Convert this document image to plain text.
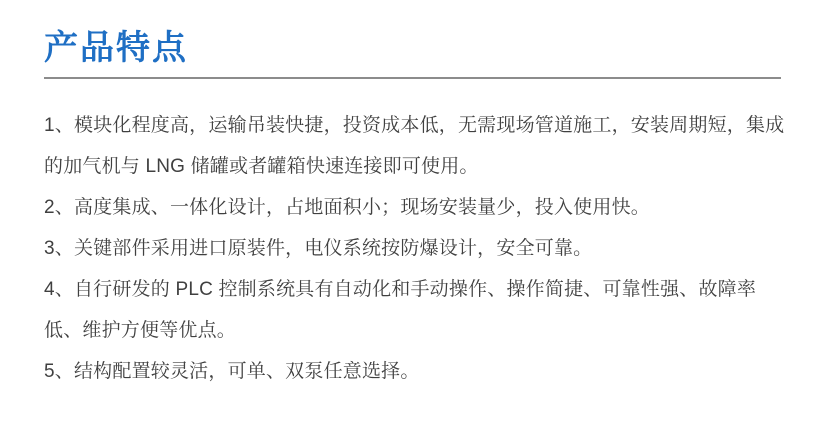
产品特点
1、模块化程度高，运输吊装快捷，投资成本低，无需现场管道施工，安装周期短，集成的加气机与 LNG 储罐或者罐箱快速连接即可使用。
2、高度集成、一体化设计，占地面积小；现场安装量少，投入使用快。
3、关键部件采用进口原装件，电仪系统按防爆设计，安全可靠。
4、自行研发的 PLC 控制系统具有自动化和手动操作、操作简捷、可靠性强、故障率低、维护方便等优点。
5、结构配置较灵活，可单、双泵任意选择。
